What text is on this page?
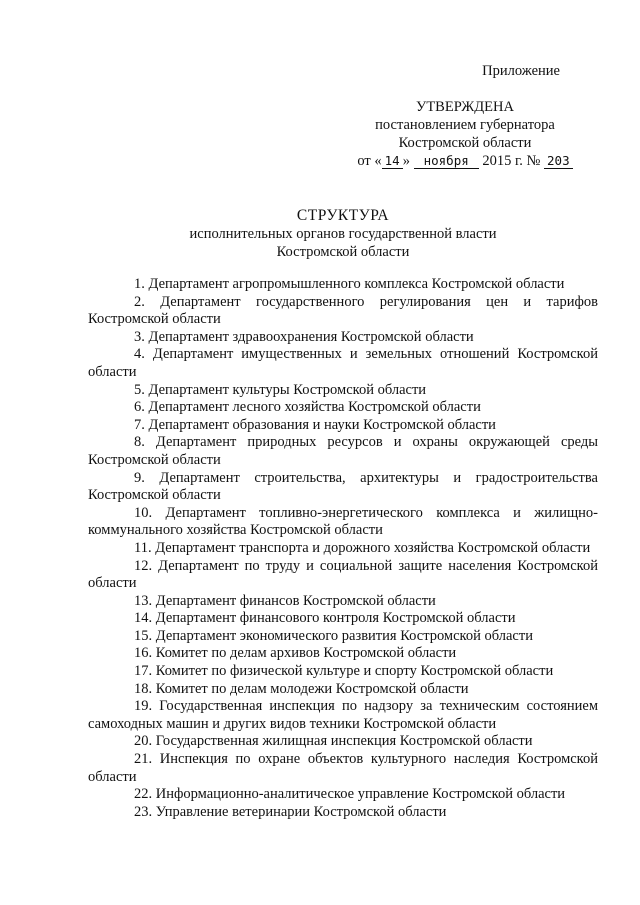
Приложение
УТВЕРЖДЕНА
постановлением губернатора
Костромской области
от « 14 » ноября 2015 г. № 203
СТРУКТУРА
исполнительных органов государственной власти
Костромской области
1. Департамент агропромышленного комплекса Костромской области
2. Департамент государственного регулирования цен и тарифов Костромской области
3. Департамент здравоохранения Костромской области
4. Департамент имущественных и земельных отношений Костромской области
5. Департамент культуры Костромской области
6. Департамент лесного хозяйства Костромской области
7. Департамент образования и науки Костромской области
8. Департамент природных ресурсов и охраны окружающей среды Костромской области
9. Департамент строительства, архитектуры и градостроительства Костромской области
10. Департамент топливно-энергетического комплекса и жилищно-коммунального хозяйства Костромской области
11. Департамент транспорта и дорожного хозяйства Костромской области
12. Департамент по труду и социальной защите населения Костромской области
13. Департамент финансов Костромской области
14. Департамент финансового контроля Костромской области
15. Департамент экономического развития Костромской области
16. Комитет по делам архивов Костромской области
17. Комитет по физической культуре и спорту Костромской области
18. Комитет по делам молодежи Костромской области
19. Государственная инспекция по надзору за техническим состоянием самоходных машин и других видов техники Костромской области
20. Государственная жилищная инспекция Костромской области
21. Инспекция по охране объектов культурного наследия Костромской области
22. Информационно-аналитическое управление Костромской области
23. Управление ветеринарии Костромской области
